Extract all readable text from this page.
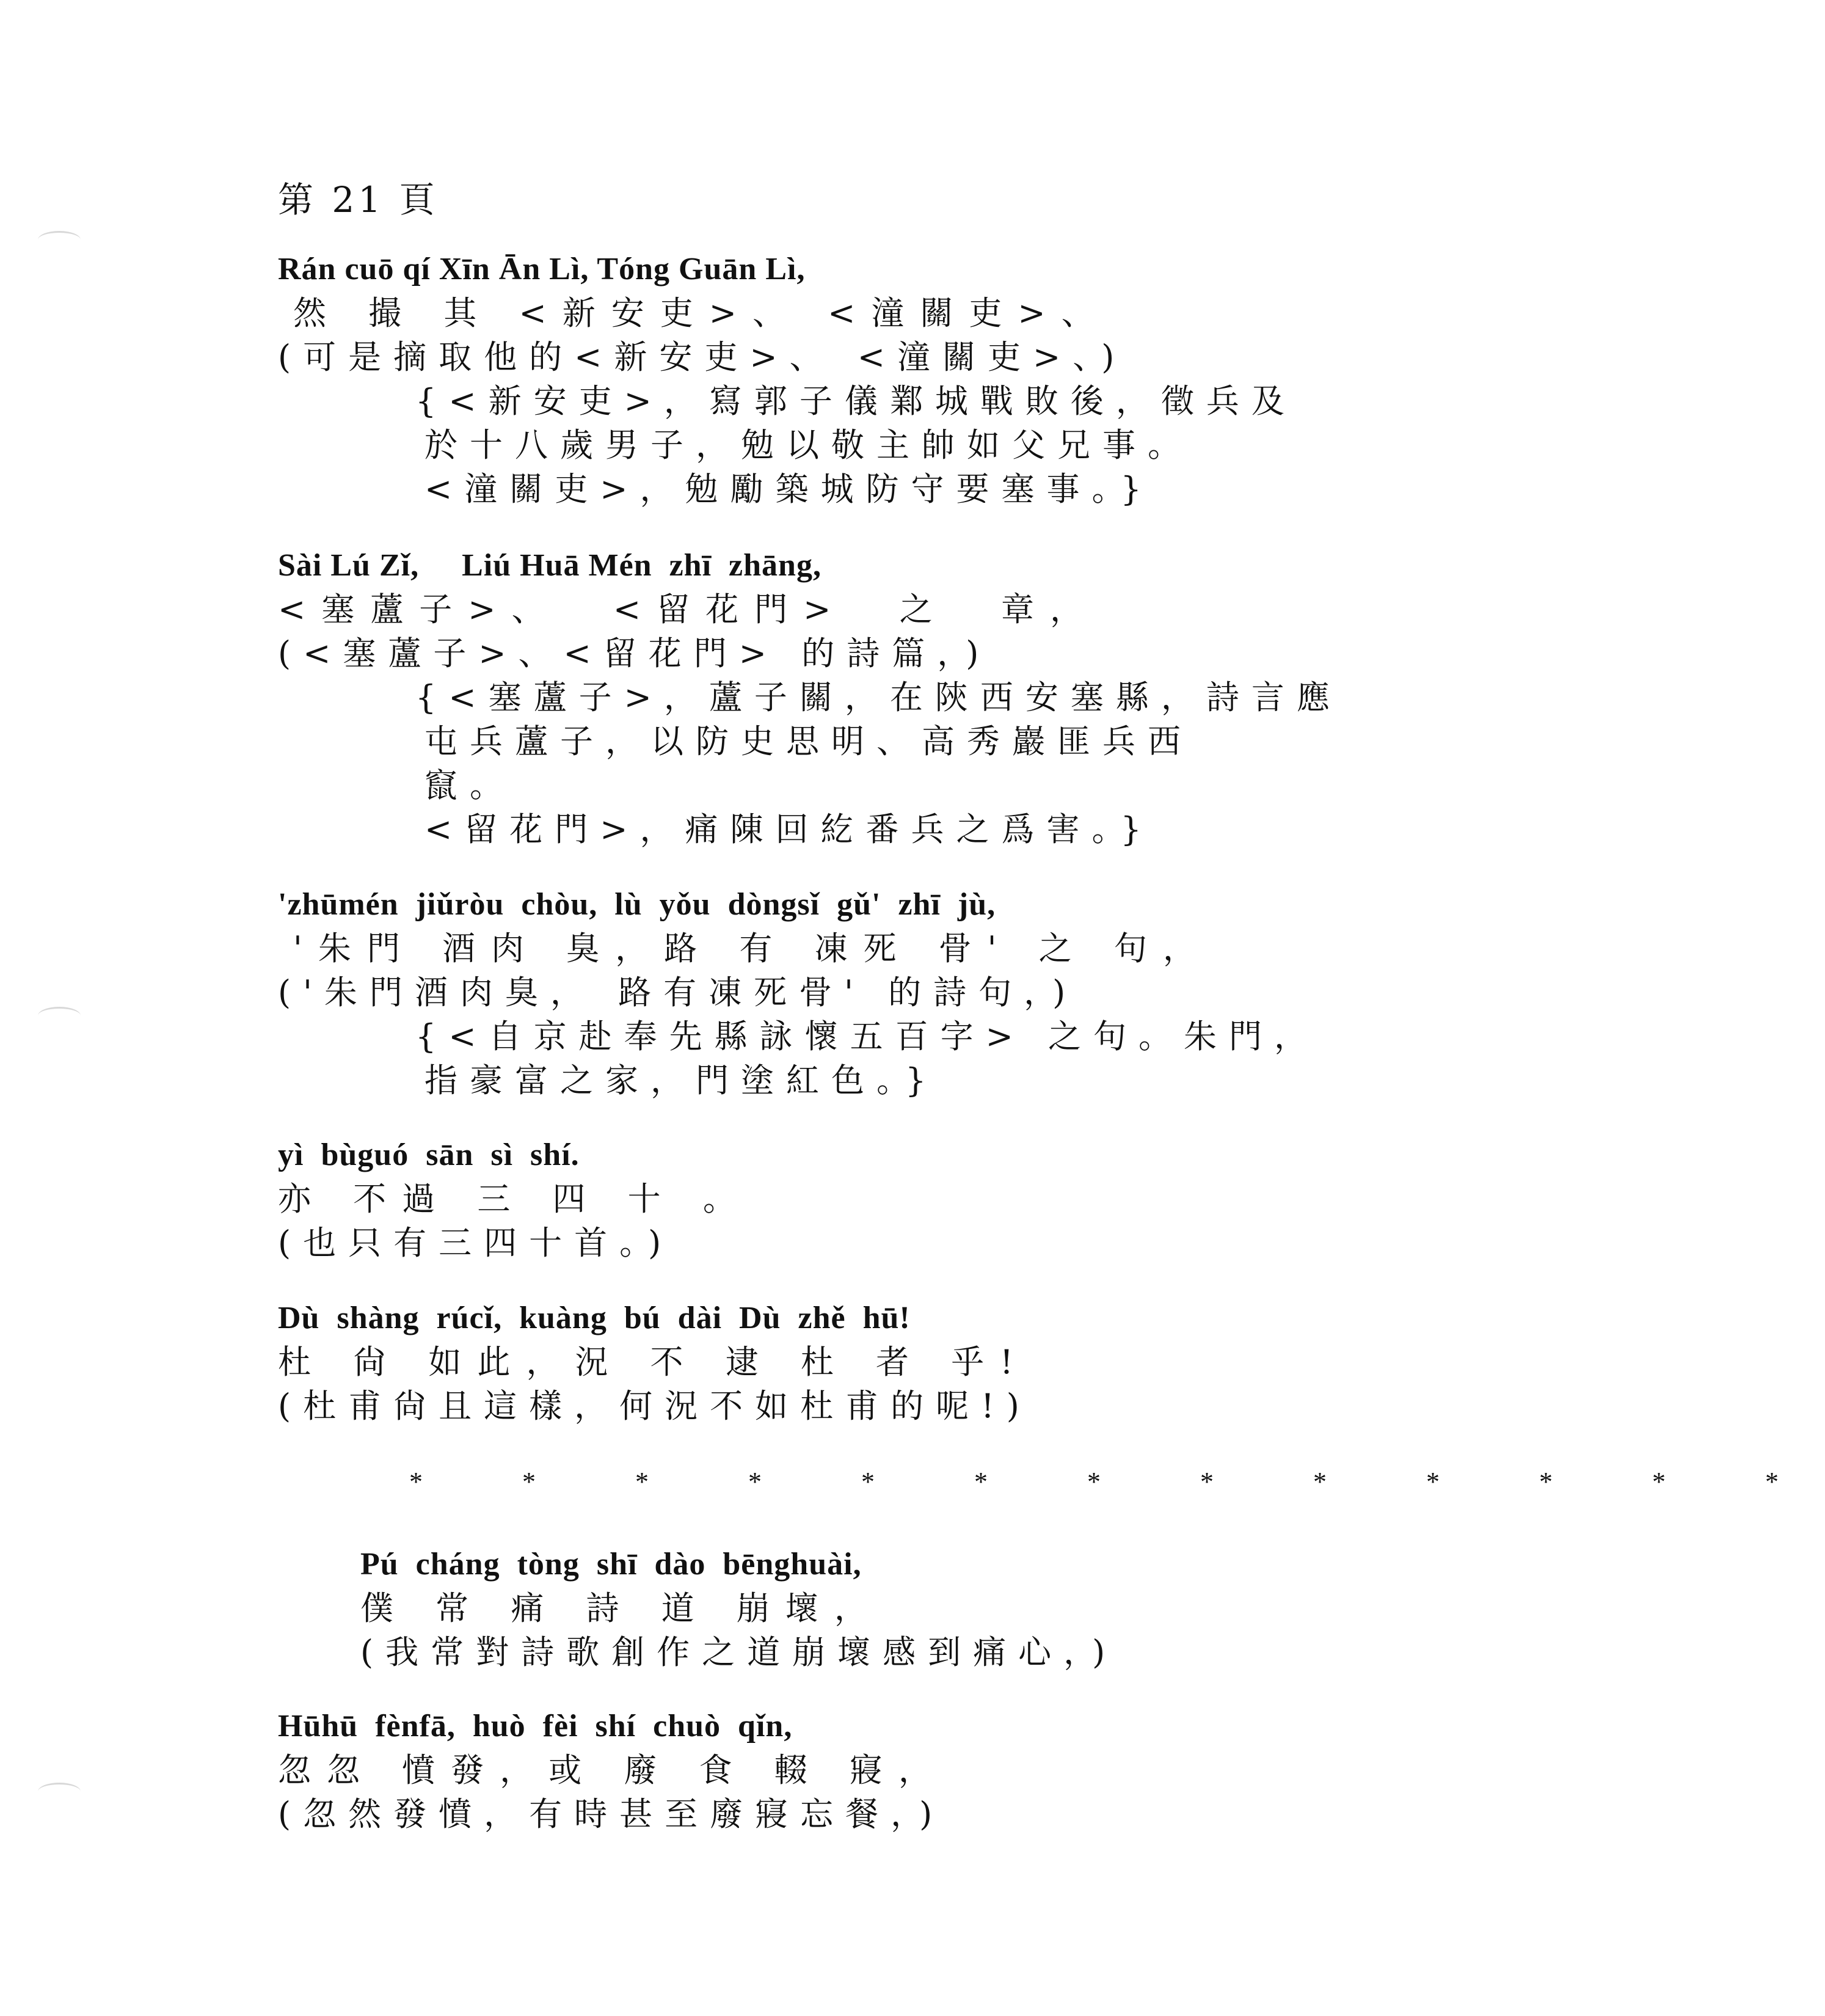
第 21 頁
Rán cuō qí Xīn Ān Lì, Tóng Guān Lì,
然 撮 其 <新安吏>、 <潼關吏>、
(可是摘取他的<新安吏>、 <潼關吏>、)
{<新安吏>，寫郭子儀鄴城戰敗後，徵兵及
於十八歲男子，勉以敬主帥如父兄事。
<潼關吏>，勉勵築城防守要塞事。}
Sài Lú Zǐ,     Liú Huā Mén  zhī  zhāng,
<塞蘆子>、  <留花門>  之  章，
(<塞蘆子>、<留花門> 的詩篇，)
{<塞蘆子>，蘆子關，在陝西安塞縣，詩言應
屯兵蘆子，以防史思明、高秀巖匪兵西
竄。
<留花門>，痛陳回紇番兵之爲害。}
'zhūmén  jiǔròu  chòu,  lù  yǒu  dòngsǐ  gǔ'  zhī  jù,
'朱門 酒肉 臭，路 有 凍死 骨' 之 句，
('朱門酒肉臭， 路有凍死骨' 的詩句，)
{<自京赴奉先縣詠懷五百字> 之句。朱門，
指豪富之家，門塗紅色。}
yì  bùguó  sān  sì  shí.
亦 不過 三 四 十 。
(也只有三四十首。)
Dù  shàng  rúcǐ,  kuàng  bú  dài  Dù  zhě  hū!
杜 尙 如此，況 不 逮 杜 者 乎!
(杜甫尙且這樣，何況不如杜甫的呢!)
* * * * * * * * * * * * *
Pú  cháng  tòng  shī  dào  bēnghuài,
僕 常 痛 詩 道 崩壞，
(我常對詩歌創作之道崩壞感到痛心，)
Hūhū  fènfā,  huò  fèi  shí  chuò  qǐn,
忽忽 憤發，或 廢 食 輟 寢，
(忽然發憤，有時甚至廢寢忘餐，)
